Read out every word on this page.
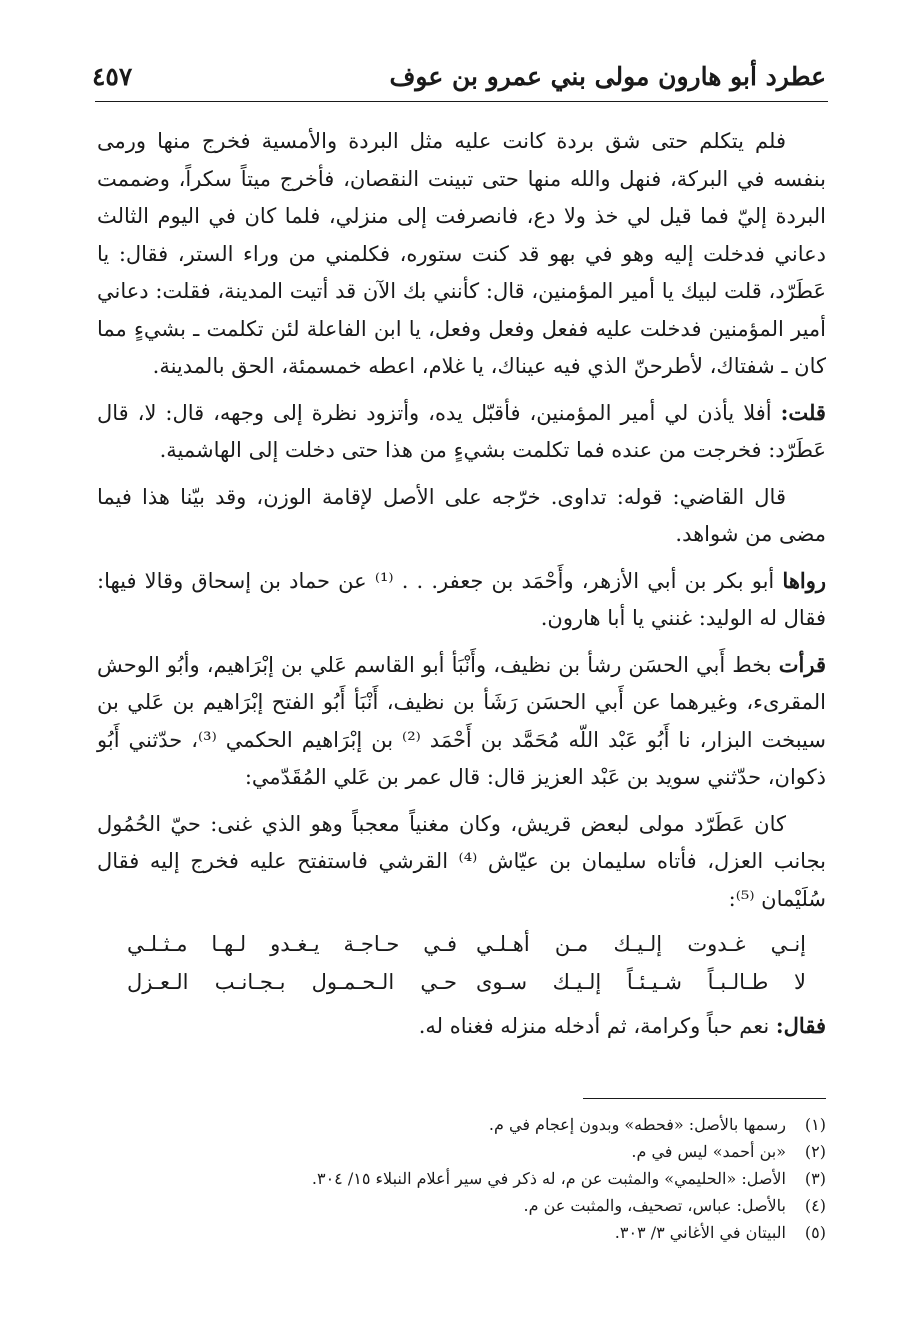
عطرد أبو هارون مولى بني عمرو بن عوف
٤٥٧

فلم يتكلم حتى شق بردة كانت عليه مثل البردة والأمسية فخرج منها ورمى بنفسه في البركة، فنهل والله منها حتى تبينت النقصان، فأخرج ميتاً سكراً، وضممت البردة إليّ فما قيل لي خذ ولا دع، فانصرفت إلى منزلي، فلما كان في اليوم الثالث دعاني فدخلت إليه وهو في بهو قد كنت ستوره، فكلمني من وراء الستر، فقال: يا عَطَرّد، قلت لبيك يا أمير المؤمنين، قال: كأنني بك الآن قد أتيت المدينة، فقلت: دعاني أمير المؤمنين فدخلت عليه ففعل وفعل وفعل، يا ابن الفاعلة لئن تكلمت ـ بشيءٍ مما كان ـ شفتاك، لأطرحنّ الذي فيه عيناك، يا غلام، اعطه خمسمئة، الحق بالمدينة.

قلت: أفلا يأذن لي أمير المؤمنين، فأقبّل يده، وأتزود نظرة إلى وجهه، قال: لا، قال عَطَرّد: فخرجت من عنده فما تكلمت بشيءٍ من هذا حتى دخلت إلى الهاشمية.

قال القاضي: قوله: تداوى. خرّجه على الأصل لإقامة الوزن، وقد بيّنا هذا فيما مضى من شواهد.

رواها أبو بكر بن أبي الأزهر، وأَحْمَد بن جعفر. . . ⁽¹⁾ عن حماد بن إسحاق وقالا فيها: فقال له الوليد: غنني يا أبا هارون.

قرأت بخط أَبي الحسَن رشأ بن نظيف، وأَنْبَأ أبو القاسم عَلي بن إبْرَاهيم، وأبُو الوحش المقرىء، وغيرهما عن أَبي الحسَن رَشَأ بن نظيف، أَنْبَأ أَبُو الفتح إبْرَاهيم بن عَلي بن سيبخت البزار، نا أَبُو عَبْد اللّه مُحَمَّد بن أَحْمَد ⁽²⁾ بن إبْرَاهيم الحكمي ⁽³⁾، حدّثني أَبُو ذكوان، حدّثني سويد بن عَبْد العزيز قال: قال عمر بن عَلي المُقَدّمي:

كان عَطَرّد مولى لبعض قريش، وكان مغنياً معجباً وهو الذي غنى: حيّ الحُمُول بجانب العزل، فأتاه سليمان بن عيّاش ⁽⁴⁾ القرشي فاستفتح عليه فخرج إليه فقال سُلَيْمان ⁽⁵⁾:

إنـي غـدوت إلـيـك مـن أهـلـي
فـي حـاجـة يـغـدو لـهـا مـثـلـي
لا طـالـبـاً شـيـئـاً إلـيـك سـوى
حـي الـحـمـول بـجـانـب الـعـزل

فقال: نعم حباً وكرامة، ثم أدخله منزله فغناه له.

(١)
رسمها بالأصل: «فحطه» وبدون إعجام في م.
(٢)
«بن أحمد» ليس في م.
(٣)
الأصل: «الحليمي» والمثبت عن م، له ذكر في سير أعلام النبلاء ١٥/ ٣٠٤.
(٤)
بالأصل: عباس، تصحيف، والمثبت عن م.
(٥)
البيتان في الأغاني ٣/ ٣٠٣.
